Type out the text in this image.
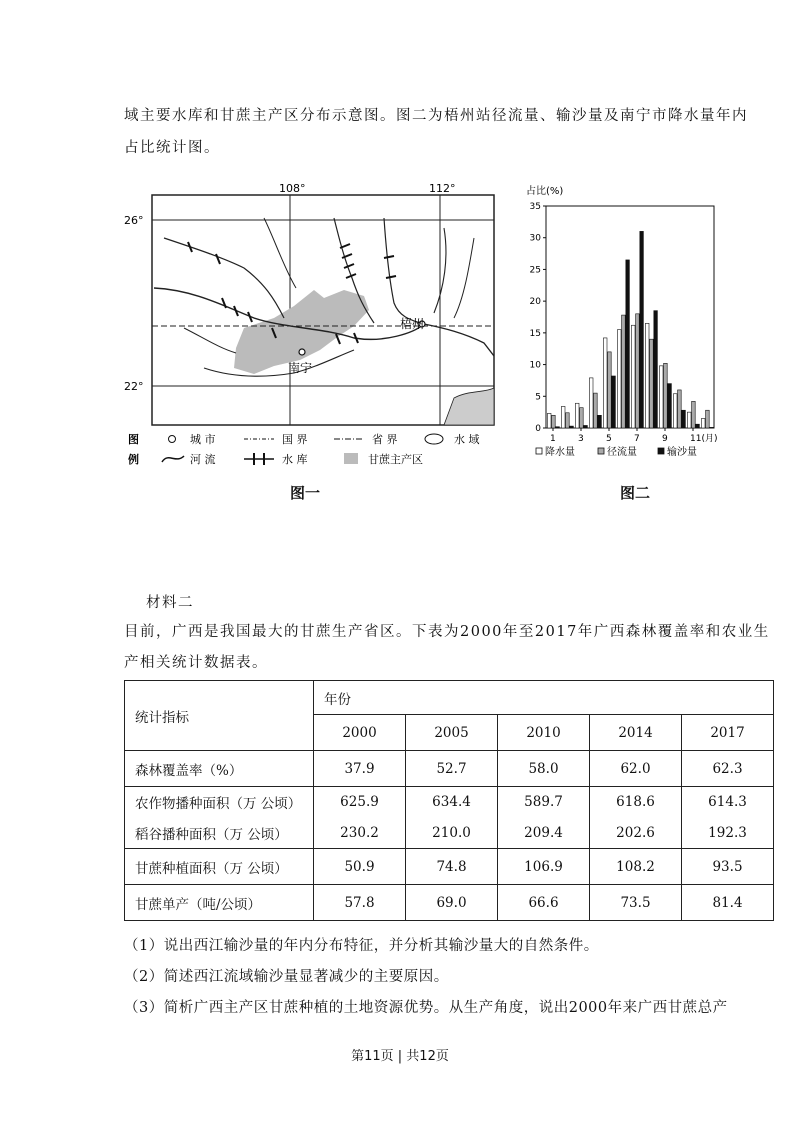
域主要水库和甘蔗主产区分布示意图。图二为梧州站径流量、输沙量及南宁市降水量年内
占比统计图。
108°	112°
26°
22°
梧州
南宁
图
例
城 市	国 界	省 界	水 域
河 流	水 库	甘蔗主产区
图一
占比(%)
0
5
10
15
20
25
30
35
1 3 5 7 9 11(月)
降水量	径流量	输沙量
图二
材料二
目前，广西是我国最大的甘蔗生产省区。下表为2000年至2017年广西森林覆盖率和农业生
产相关统计数据表。
统计指标	年份				
	2000	2005	2010	2014	2017
森林覆盖率（%）	37.9	52.7	58.0	62.0	62.3
农作物播种面积（万 公顷）	625.9	634.4	589.7	618.6	614.3
稻谷播种面积（万 公顷）	230.2	210.0	209.4	202.6	192.3
甘蔗种植面积（万 公顷）	50.9	74.8	106.9	108.2	93.5
甘蔗单产（吨/公顷）	57.8	69.0	66.6	73.5	81.4
（1）说出西江输沙量的年内分布特征，并分析其输沙量大的自然条件。
（2）简述西江流域输沙量显著减少的主要原因。
（3）简析广西主产区甘蔗种植的土地资源优势。从生产角度，说出2000年来广西甘蔗总产
第11页 | 共12页
